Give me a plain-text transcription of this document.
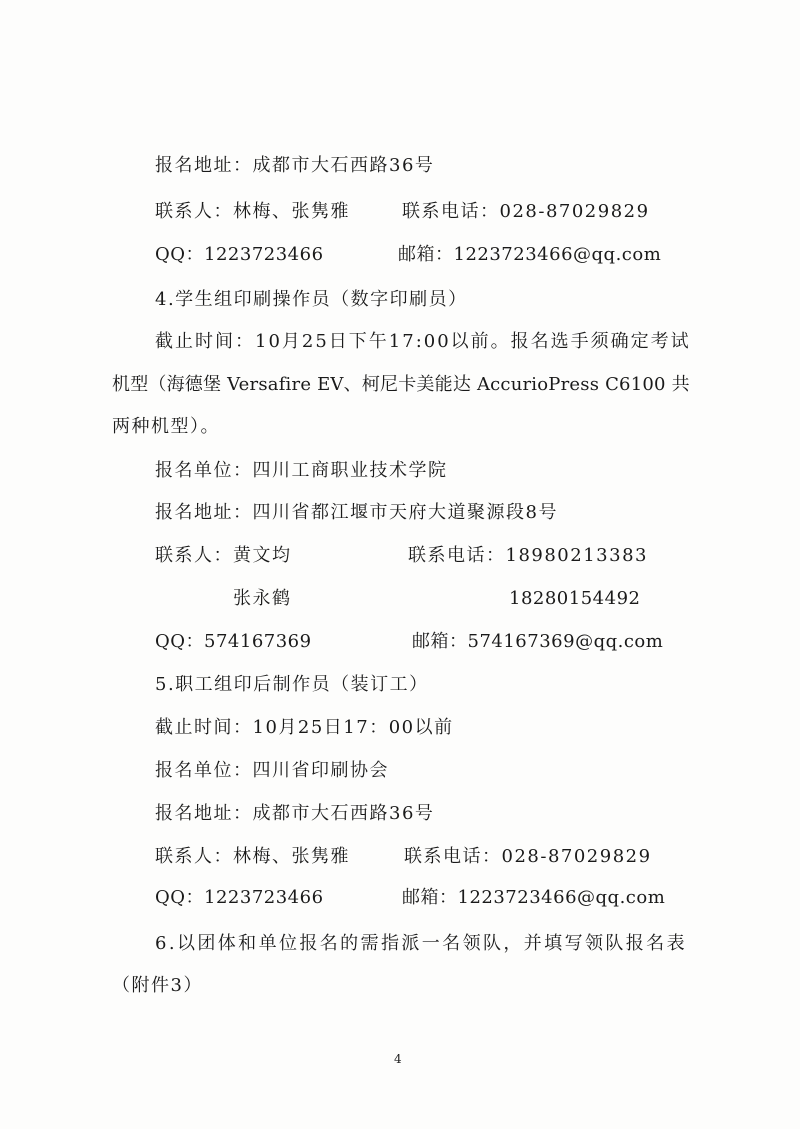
报名地址：成都市大石西路36号
联系人：林梅、张隽雅	联系电话：028-87029829
QQ：1223723466	邮箱：1223723466@qq.com
4.学生组印刷操作员（数字印刷员）
截止时间：10月25日下午17:00以前。报名选手须确定考试
机型（海德堡 Versafire EV、柯尼卡美能达 AccurioPress C6100 共
两种机型）。
报名单位：四川工商职业技术学院
报名地址：四川省都江堰市天府大道聚源段8号
联系人：黄文均	联系电话：18980213383
张永鹤	18280154492
QQ：574167369	邮箱：574167369@qq.com
5.职工组印后制作员（装订工）
截止时间：10月25日17：00以前
报名单位：四川省印刷协会
报名地址：成都市大石西路36号
联系人：林梅、张隽雅	联系电话：028-87029829
QQ：1223723466	邮箱：1223723466@qq.com
6.以团体和单位报名的需指派一名领队，并填写领队报名表
（附件3）
4
